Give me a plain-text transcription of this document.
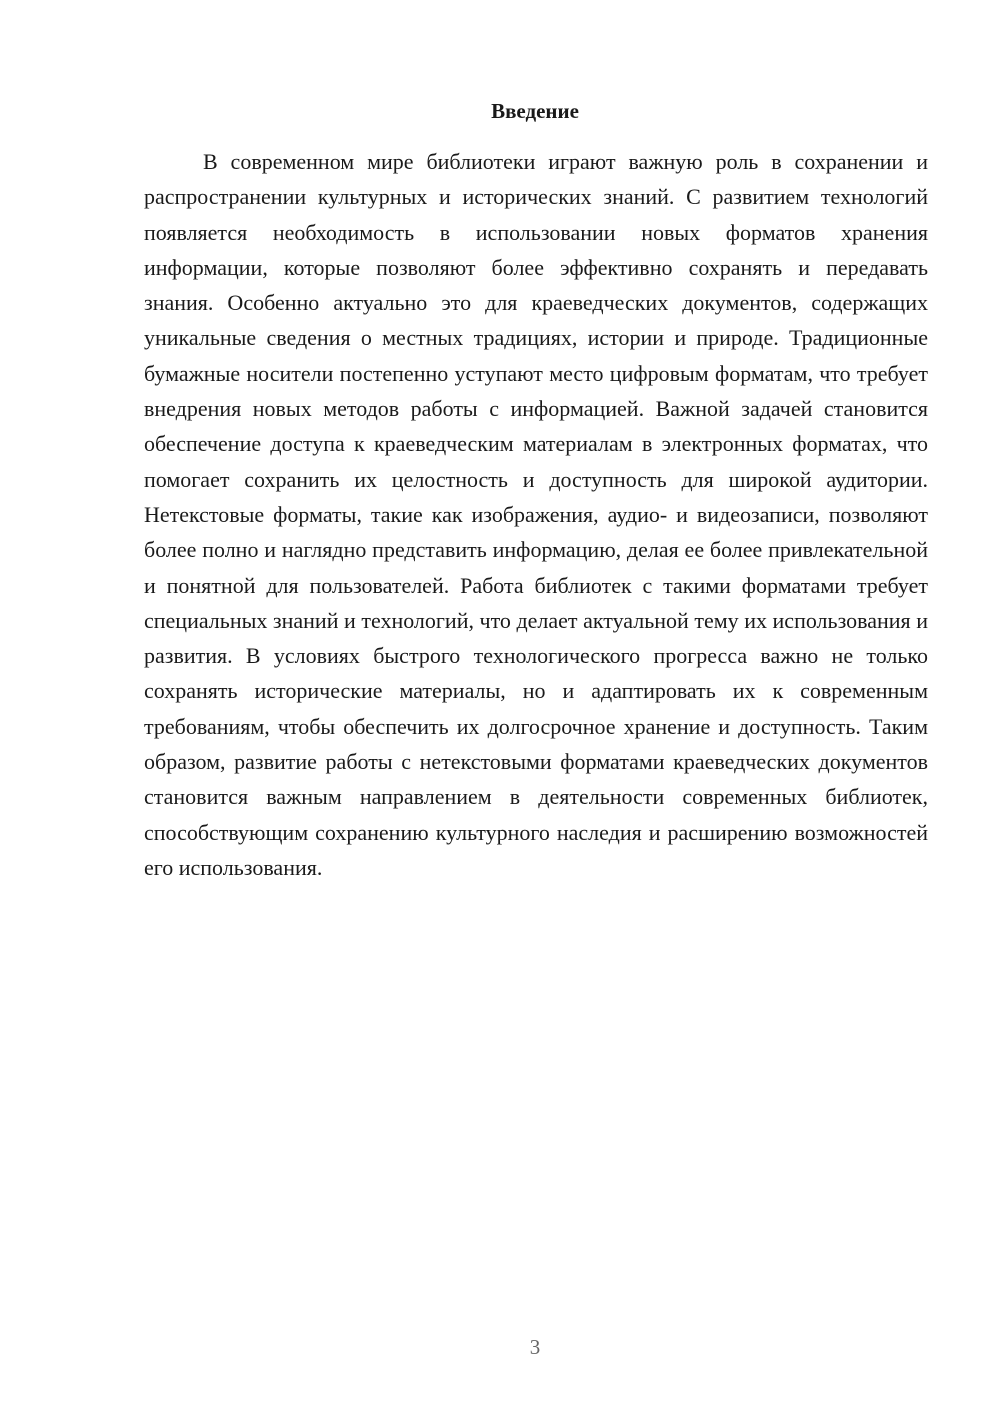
Введение

В современном мире библиотеки играют важную роль в сохранении и распространении культурных и исторических знаний. С развитием технологий появляется необходимость в использовании новых форматов хранения информации, которые позволяют более эффективно сохранять и передавать знания. Особенно актуально это для краеведческих документов, содержащих уникальные сведения о местных традициях, истории и природе. Традиционные бумажные носители постепенно уступают место цифровым форматам, что требует внедрения новых методов работы с информацией. Важной задачей становится обеспечение доступа к краеведческим материалам в электронных форматах, что помогает сохранить их целостность и доступность для широкой аудитории. Нетекстовые форматы, такие как изображения, аудио- и видеозаписи, позволяют более полно и наглядно представить информацию, делая ее более привлекательной и понятной для пользователей. Работа библиотек с такими форматами требует специальных знаний и технологий, что делает актуальной тему их использования и развития. В условиях быстрого технологического прогресса важно не только сохранять исторические материалы, но и адаптировать их к современным требованиям, чтобы обеспечить их долгосрочное хранение и доступность. Таким образом, развитие работы с нетекстовыми форматами краеведческих документов становится важным направлением в деятельности современных библиотек, способствующим сохранению культурного наследия и расширению возможностей его использования.

3
